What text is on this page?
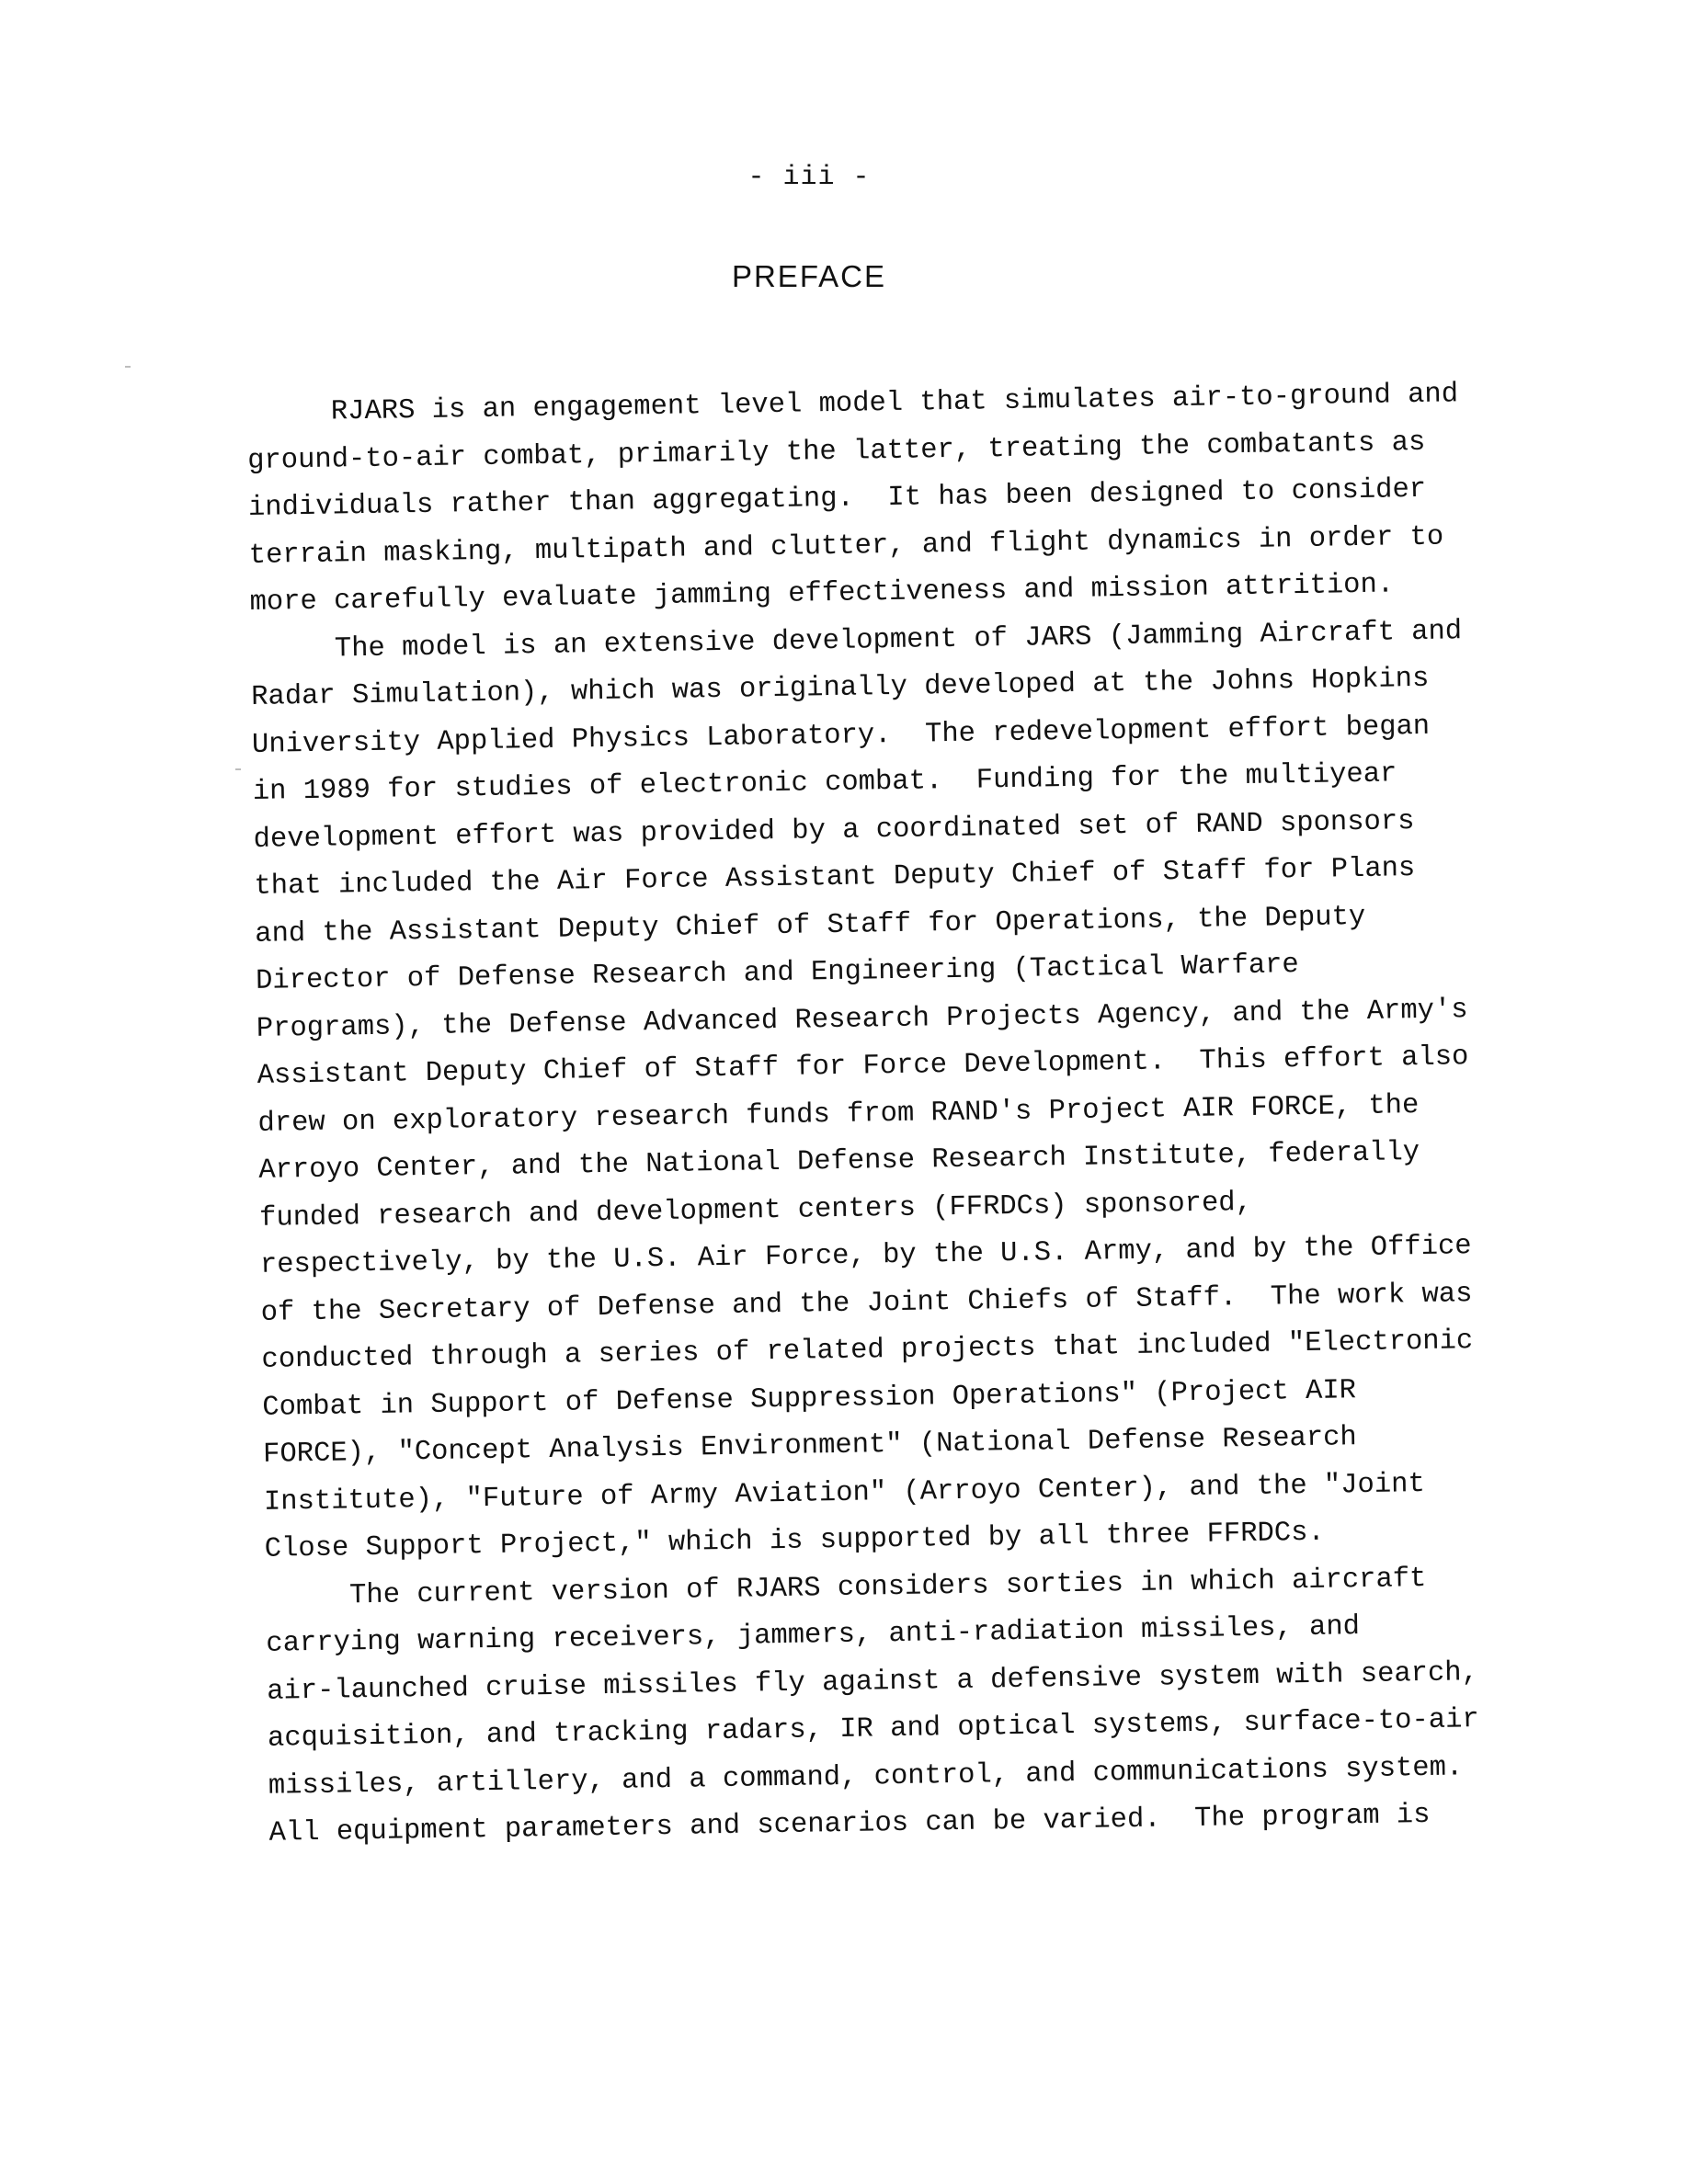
- iii -
PREFACE
RJARS is an engagement level model that simulates air-to-ground and
ground-to-air combat, primarily the latter, treating the combatants as
individuals rather than aggregating.  It has been designed to consider
terrain masking, multipath and clutter, and flight dynamics in order to
more carefully evaluate jamming effectiveness and mission attrition.
The model is an extensive development of JARS (Jamming Aircraft and
Radar Simulation), which was originally developed at the Johns Hopkins
University Applied Physics Laboratory.  The redevelopment effort began
in 1989 for studies of electronic combat.  Funding for the multiyear
development effort was provided by a coordinated set of RAND sponsors
that included the Air Force Assistant Deputy Chief of Staff for Plans
and the Assistant Deputy Chief of Staff for Operations, the Deputy
Director of Defense Research and Engineering (Tactical Warfare
Programs), the Defense Advanced Research Projects Agency, and the Army's
Assistant Deputy Chief of Staff for Force Development.  This effort also
drew on exploratory research funds from RAND's Project AIR FORCE, the
Arroyo Center, and the National Defense Research Institute, federally
funded research and development centers (FFRDCs) sponsored,
respectively, by the U.S. Air Force, by the U.S. Army, and by the Office
of the Secretary of Defense and the Joint Chiefs of Staff.  The work was
conducted through a series of related projects that included "Electronic
Combat in Support of Defense Suppression Operations" (Project AIR
FORCE), "Concept Analysis Environment" (National Defense Research
Institute), "Future of Army Aviation" (Arroyo Center), and the "Joint
Close Support Project," which is supported by all three FFRDCs.
The current version of RJARS considers sorties in which aircraft
carrying warning receivers, jammers, anti-radiation missiles, and
air-launched cruise missiles fly against a defensive system with search,
acquisition, and tracking radars, IR and optical systems, surface-to-air
missiles, artillery, and a command, control, and communications system.
All equipment parameters and scenarios can be varied.  The program is
